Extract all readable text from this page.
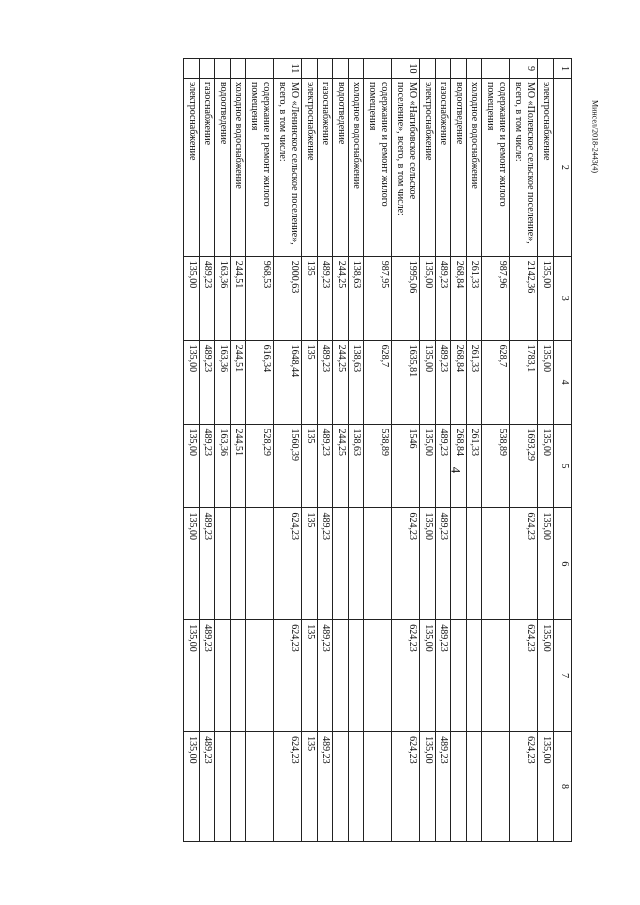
4
Минсел/2018-2443(4)
1	2	3	4	5	6	7	8
	электроснабжение	135,00	135,00	135,00	135,00	135,00	135,00
9	МО «Полевское сельское поселение», всего, в том числе:	2142,36	1783,1	1693,29	624,23	624,23	624,23
	содержание и ремонт жилого помещения	987,96	628,7	538,89			
	холодное водоснабжение	261,33	261,33	261,33			
	водоотведение	268,84	268,84	268,84			
	газоснабжение	489,23	489,23	489,23	489,23	489,23	489,23
	электроснабжение	135,00	135,00	135,00	135,00	135,00	135,00
10	МО «Нагибовское сельское поселение», всего, в том числе:	1995,06	1635,81	1546	624,23	624,23	624,23
	содержание и ремонт жилого помещения	987,95	628,7	538,89			
	холодное водоснабжение	138,63	138,63	138,63			
	водоотведение	244,25	244,25	244,25			
	газоснабжение	489,23	489,23	489,23	489,23	489,23	489,23
	электроснабжение	135	135	135	135	135	135
11	МО «Ленинское сельское поселение», всего, в том числе:	2000,63	1648,44	1560,39	624,23	624,23	624,23
	содержание и ремонт жилого помещения	968,53	616,34	528,29			
	холодное водоснабжение	244,51	244,51	244,51			
	водоотведение	163,36	163,36	163,36			
	газоснабжение	489,23	489,23	489,23	489,23	489,23	489,23
	электроснабжение	135,00	135,00	135,00	135,00	135,00	135,00
